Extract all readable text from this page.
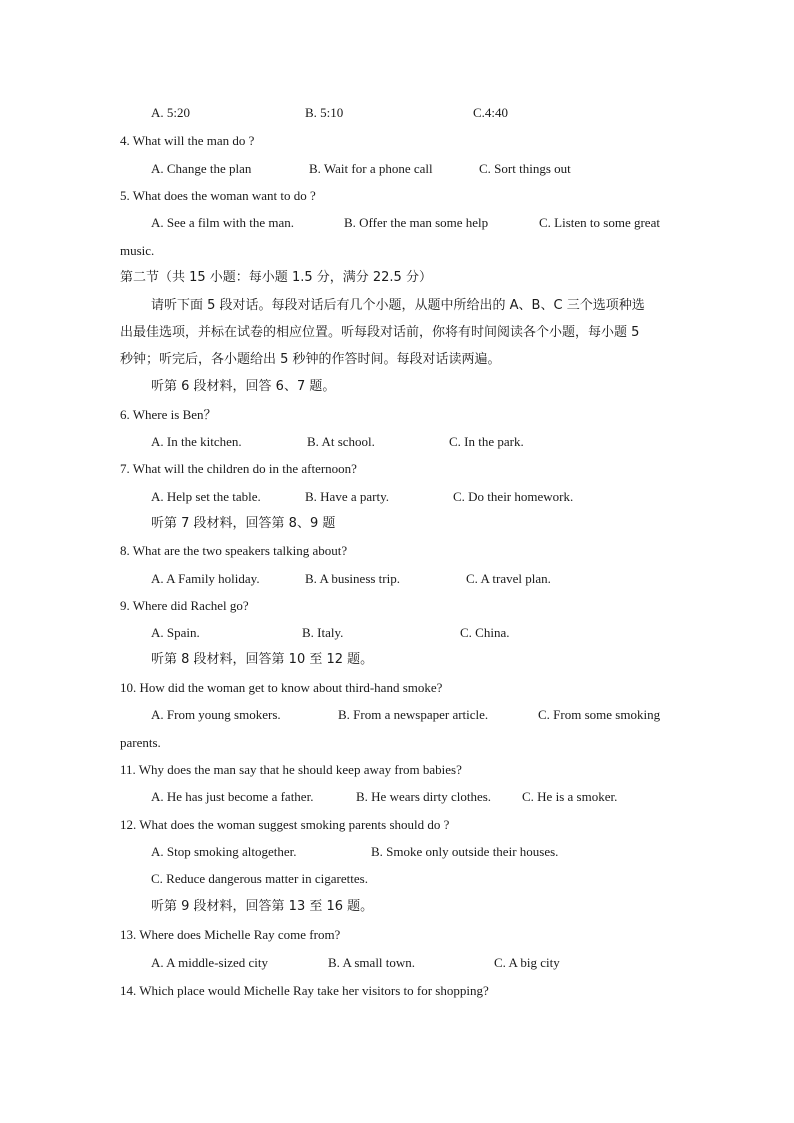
A. 5:20	B. 5:10	C.4:40
4. What will the man do ?
A. Change the plan	B. Wait for a phone call	C. Sort things out
5. What does the woman want to do ?
A. See a film with the man.	B. Offer the man some help	C. Listen to some great
music.
第二节（共 15 小题：每小题 1.5 分，满分 22.5 分）
请听下面 5 段对话。每段对话后有几个小题，从题中所给出的 A、B、C 三个选项种选
出最佳选项，并标在试卷的相应位置。听每段对话前，你将有时间阅读各个小题，每小题 5
秒钟；听完后，各小题给出 5 秒钟的作答时间。每段对话读两遍。
听第 6 段材料，回答 6、7 题。
6. Where is Ben？
A. In the kitchen.	B. At school.	C. In the park.
7. What will the children do in the afternoon?
A. Help set the table.	B. Have a party.	C. Do their homework.
听第 7 段材料，回答第 8、9 题
8. What are the two speakers talking about?
A. A Family holiday.	B. A business trip.	C. A travel plan.
9. Where did Rachel go?
A. Spain.	B. Italy.	C. China.
听第 8 段材料，回答第 10 至 12 题。
10. How did the woman get to know about third-hand smoke?
A. From young smokers.	B. From a newspaper article.	C. From some smoking
parents.
11. Why does the man say that he should keep away from babies?
A. He has just become a father.	B. He wears dirty clothes. C. He is a smoker.
12. What does the woman suggest smoking parents should do ?
A. Stop smoking altogether.	B. Smoke only outside their houses.
C. Reduce dangerous matter in cigarettes.
听第 9 段材料，回答第 13 至 16 题。
13. Where does Michelle Ray come from?
A. A middle-sized city	B. A small town.	C. A big city
14. Which place would Michelle Ray take her visitors to for shopping?
